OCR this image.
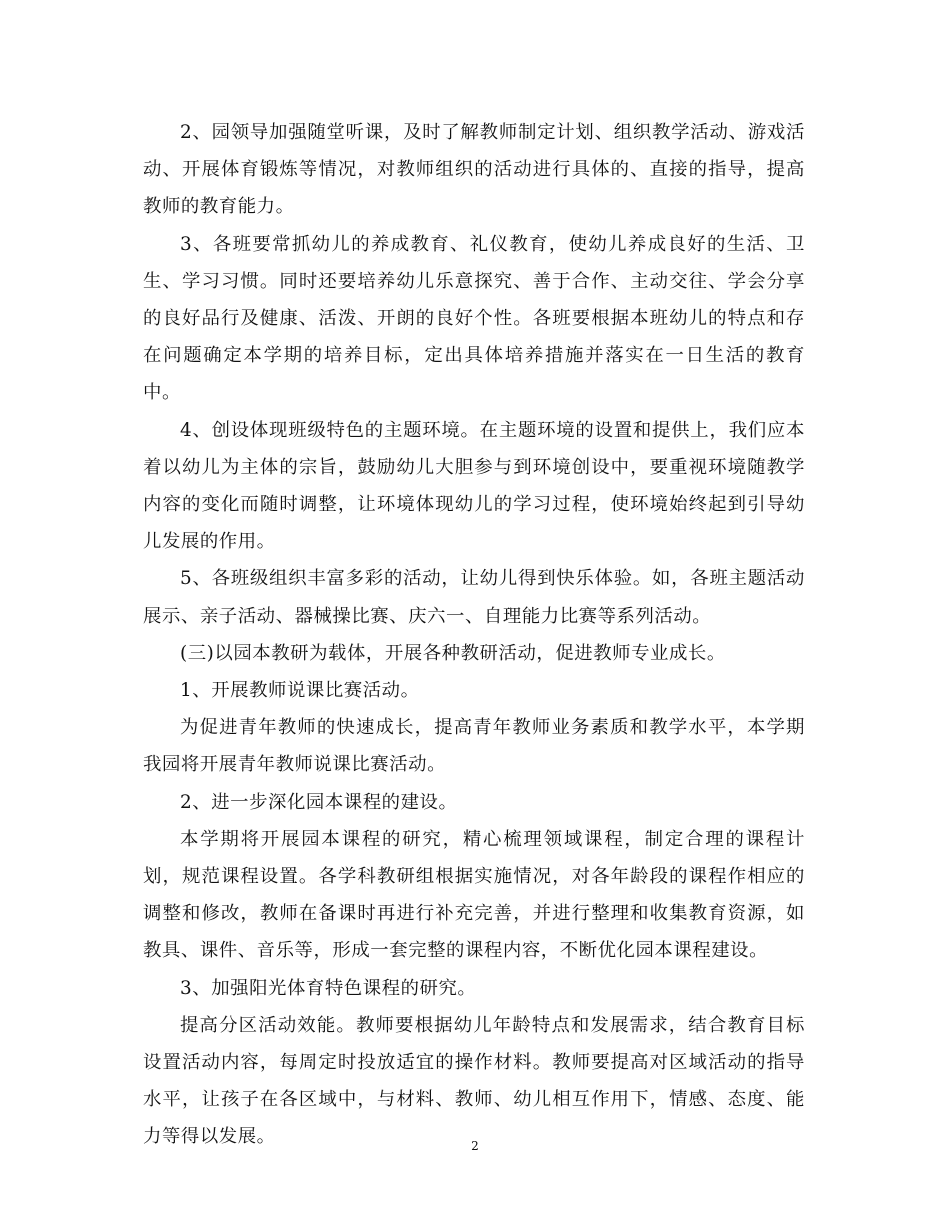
2、园领导加强随堂听课，及时了解教师制定计划、组织教学活动、游戏活动、开展体育锻炼等情况，对教师组织的活动进行具体的、直接的指导，提高教师的教育能力。

3、各班要常抓幼儿的养成教育、礼仪教育，使幼儿养成良好的生活、卫生、学习习惯。同时还要培养幼儿乐意探究、善于合作、主动交往、学会分享的良好品行及健康、活泼、开朗的良好个性。各班要根据本班幼儿的特点和存在问题确定本学期的培养目标，定出具体培养措施并落实在一日生活的教育中。

4、创设体现班级特色的主题环境。在主题环境的设置和提供上，我们应本着以幼儿为主体的宗旨，鼓励幼儿大胆参与到环境创设中，要重视环境随教学内容的变化而随时调整，让环境体现幼儿的学习过程，使环境始终起到引导幼儿发展的作用。

5、各班级组织丰富多彩的活动，让幼儿得到快乐体验。如，各班主题活动展示、亲子活动、器械操比赛、庆六一、自理能力比赛等系列活动。

(三)以园本教研为载体，开展各种教研活动，促进教师专业成长。

1、开展教师说课比赛活动。

为促进青年教师的快速成长，提高青年教师业务素质和教学水平，本学期我园将开展青年教师说课比赛活动。

2、进一步深化园本课程的建设。

本学期将开展园本课程的研究，精心梳理领域课程，制定合理的课程计划，规范课程设置。各学科教研组根据实施情况，对各年龄段的课程作相应的调整和修改，教师在备课时再进行补充完善，并进行整理和收集教育资源，如教具、课件、音乐等，形成一套完整的课程内容，不断优化园本课程建设。

3、加强阳光体育特色课程的研究。

提高分区活动效能。教师要根据幼儿年龄特点和发展需求，结合教育目标设置活动内容，每周定时投放适宜的操作材料。教师要提高对区域活动的指导水平，让孩子在各区域中，与材料、教师、幼儿相互作用下，情感、态度、能力等得以发展。	2
